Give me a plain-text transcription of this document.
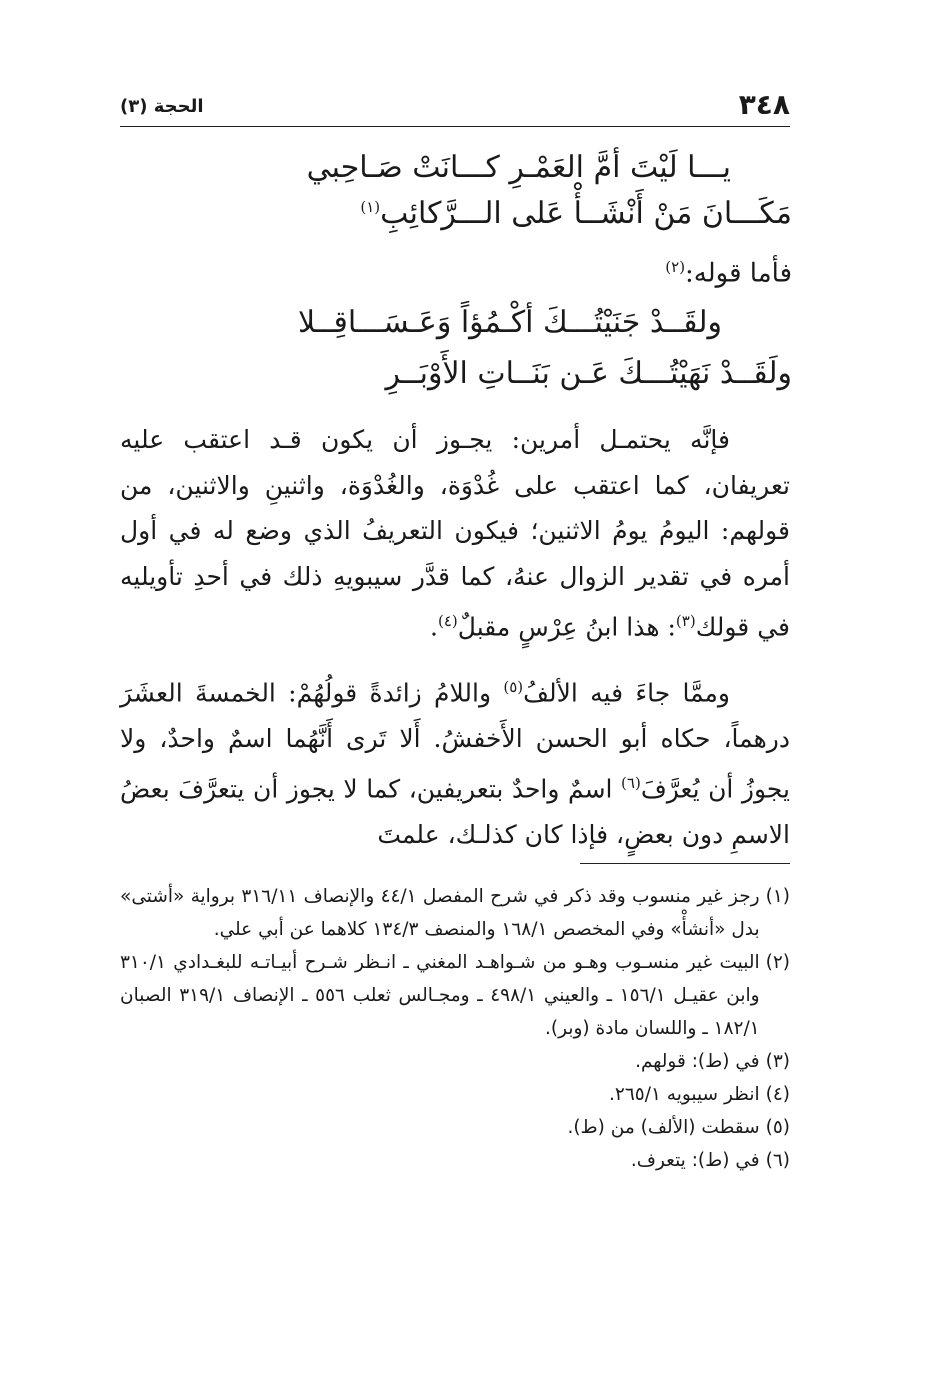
٣٤٨
الحجة (٣)
يـــا لَيْتَ أمَّ العَمْـرِ كـــانَتْ صَـاحِبي
مَكَـــانَ مَنْ أَنْشَــأْ عَلى الـــرَّكائِبِ$^{(١)}$
فأما قوله:$^{(٢)}$
ولقَــدْ جَنَيْتُـــكَ أكْـمُؤاً وَعَـسَـــاقِــلا
ولَقَــدْ نَهَيْتُـــكَ عَـن بَنَــاتِ الأَوْبَــرِ
فإنَّه يحتمـل أمرين: يجـوز أن يكون قـد اعتقب عليه تعريفان، كما اعتقب على غُدْوَة، والغُدْوَة، واثنينِ والاثنين، من قولهم: اليومُ يومُ الاثنين؛ فيكون التعريفُ الذي وضع له في أول أمره في تقدير الزوال عنهُ، كما قدَّر سيبويهِ ذلك في أحدِ تأويليه في قولك$^{(٣)}$: هذا ابنُ عِرْسٍ مقبلٌ$^{(٤)}$.
وممَّا جاءَ فيه الألفُ$^{(٥)}$ واللامُ زائدةً قولُهُمْ: الخمسةَ العشَرَ درهماً، حكاه أبو الحسن الأَخفشُ. أَلا تَرى أَنَّهُما اسمٌ واحدٌ، ولا يجوزُ أن يُعرَّفَ$^{(٦)}$ اسمٌ واحدٌ بتعريفين، كما لا يجوز أن يتعرَّفَ بعضُ الاسمِ دون بعضٍ، فإذا كان كذلـك، علمتَ
(١)
رجز غير منسوب وقد ذكر في شرح المفصل ٤٤/١ والإنصاف ٣١٦/١١ برواية «أشتى» بدل «أنشأْ» وفي المخصص ١٦٨/١ والمنصف ١٣٤/٣ كلاهما عن أبي علي.
(٢)
البيت غير منسـوب وهـو من شـواهـد المغني ـ انـظر شـرح أبيـاتـه للبغـدادي ٣١٠/١ وابن عقيـل ١٥٦/١ ـ والعيني ٤٩٨/١ ـ ومجـالس ثعلب ٥٥٦ ـ الإنصاف ٣١٩/١ الصبان ١٨٢/١ ـ واللسان مادة (وبر).
(٣)
في (ط): قولهم.
(٤)
انظر سيبويه ٢٦٥/١.
(٥)
سقطت (الألف) من (ط).
(٦)
في (ط): يتعرف.
